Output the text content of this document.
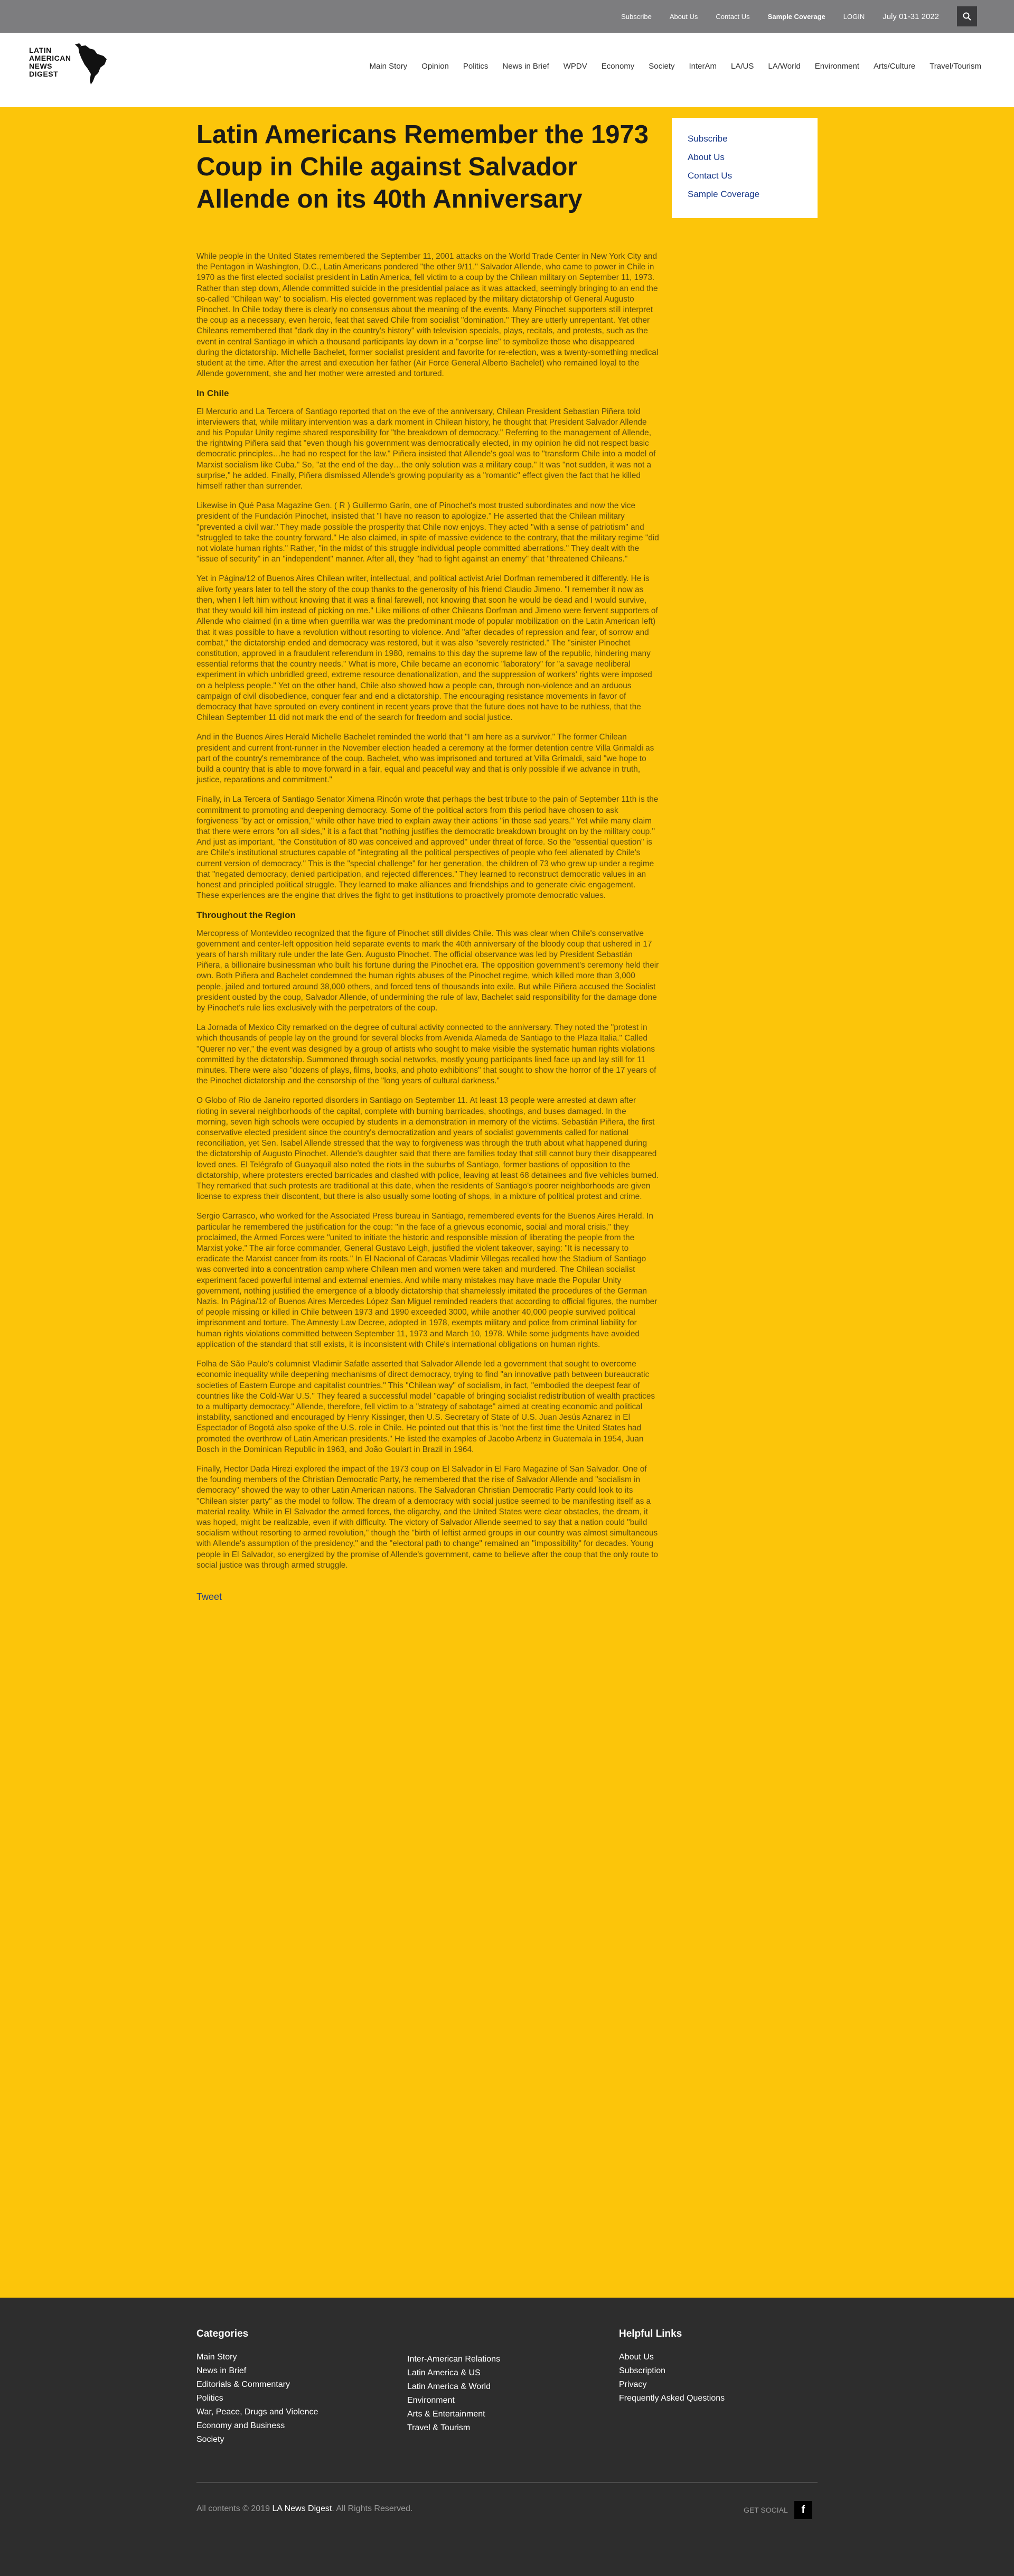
Subscribe	About Us	Contact Us	Sample Coverage	LOGIN July 01-31 2022
LATIN
AMERICAN
NEWS
DIGEST
Main Story Opinion Politics News in Brief WPDV Economy Society InterAm LA/US LA/World Environment Arts/Culture Travel/Tourism
Latin Americans Remember the 1973 Coup in Chile against Salvador Allende on its 40th Anniversary

While people in the United States remembered the September 11, 2001 attacks on the World Trade Center in New York City and the Pentagon in Washington, D.C., Latin Americans pondered "the other 9/11." Salvador Allende, who came to power in Chile in 1970 as the first elected socialist president in Latin America, fell victim to a coup by the Chilean military on September 11, 1973. Rather than step down, Allende committed suicide in the presidential palace as it was attacked, seemingly bringing to an end the so-called "Chilean way" to socialism. His elected government was replaced by the military dictatorship of General Augusto Pinochet. In Chile today there is clearly no consensus about the meaning of the events. Many Pinochet supporters still interpret the coup as a necessary, even heroic, feat that saved Chile from socialist "domination." They are utterly unrepentant. Yet other Chileans remembered that "dark day in the country's history" with television specials, plays, recitals, and protests, such as the event in central Santiago in which a thousand participants lay down in a "corpse line" to symbolize those who disappeared during the dictatorship. Michelle Bachelet, former socialist president and favorite for re-election, was a twenty-something medical student at the time. After the arrest and execution her father (Air Force General Alberto Bachelet) who remained loyal to the Allende government, she and her mother were arrested and tortured.

In Chile

El Mercurio and La Tercera of Santiago reported that on the eve of the anniversary, Chilean President Sebastian Piñera told interviewers that, while military intervention was a dark moment in Chilean history, he thought that President Salvador Allende and his Popular Unity regime shared responsibility for "the breakdown of democracy." Referring to the management of Allende, the rightwing Piñera said that "even though his government was democratically elected, in my opinion he did not respect basic democratic principles…he had no respect for the law." Piñera insisted that Allende's goal was to "transform Chile into a model of Marxist socialism like Cuba." So, "at the end of the day…the only solution was a military coup." It was "not sudden, it was not a surprise," he added. Finally, Piñera dismissed Allende's growing popularity as a "romantic" effect given the fact that he killed himself rather than surrender.

Likewise in Qué Pasa Magazine Gen. ( R ) Guillermo Garín, one of Pinochet's most trusted subordinates and now the vice president of the Fundación Pinochet, insisted that "I have no reason to apologize." He asserted that the Chilean military "prevented a civil war." They made possible the prosperity that Chile now enjoys. They acted "with a sense of patriotism" and "struggled to take the country forward." He also claimed, in spite of massive evidence to the contrary, that the military regime "did not violate human rights." Rather, "in the midst of this struggle individual people committed aberrations." They dealt with the "issue of security" in an "independent" manner. After all, they "had to fight against an enemy" that "threatened Chileans."

Yet in Página/12 of Buenos Aires Chilean writer, intellectual, and political activist Ariel Dorfman remembered it differently. He is alive forty years later to tell the story of the coup thanks to the generosity of his friend Claudio Jimeno. "I remember it now as then, when I left him without knowing that it was a final farewell, not knowing that soon he would be dead and I would survive, that they would kill him instead of picking on me." Like millions of other Chileans Dorfman and Jimeno were fervent supporters of Allende who claimed (in a time when guerrilla war was the predominant mode of popular mobilization on the Latin American left) that it was possible to have a revolution without resorting to violence. And "after decades of repression and fear, of sorrow and combat," the dictatorship ended and democracy was restored, but it was also "severely restricted." The "sinister Pinochet constitution, approved in a fraudulent referendum in 1980, remains to this day the supreme law of the republic, hindering many essential reforms that the country needs." What is more, Chile became an economic "laboratory" for "a savage neoliberal experiment in which unbridled greed, extreme resource denationalization, and the suppression of workers' rights were imposed on a helpless people." Yet on the other hand, Chile also showed how a people can, through non-violence and an arduous campaign of civil disobedience, conquer fear and end a dictatorship. The encouraging resistance movements in favor of democracy that have sprouted on every continent in recent years prove that the future does not have to be ruthless, that the Chilean September 11 did not mark the end of the search for freedom and social justice.

And in the Buenos Aires Herald Michelle Bachelet reminded the world that "I am here as a survivor." The former Chilean president and current front-runner in the November election headed a ceremony at the former detention centre Villa Grimaldi as part of the country's remembrance of the coup. Bachelet, who was imprisoned and tortured at Villa Grimaldi, said "we hope to build a country that is able to move forward in a fair, equal and peaceful way and that is only possible if we advance in truth, justice, reparations and commitment."

Finally, in La Tercera of Santiago Senator Ximena Rincón wrote that perhaps the best tribute to the pain of September 11th is the commitment to promoting and deepening democracy. Some of the political actors from this period have chosen to ask forgiveness "by act or omission," while other have tried to explain away their actions "in those sad years." Yet while many claim that there were errors "on all sides," it is a fact that "nothing justifies the democratic breakdown brought on by the military coup." And just as important, "the Constitution of 80 was conceived and approved" under threat of force. So the "essential question" is are Chile's institutional structures capable of "integrating all the political perspectives of people who feel alienated by Chile's current version of democracy." This is the "special challenge" for her generation, the children of 73 who grew up under a regime that "negated democracy, denied participation, and rejected differences." They learned to reconstruct democratic values in an honest and principled political struggle. They learned to make alliances and friendships and to generate civic engagement. These experiences are the engine that drives the fight to get institutions to proactively promote democratic values.

Throughout the Region

Mercopress of Montevideo recognized that the figure of Pinochet still divides Chile. This was clear when Chile's conservative government and center-left opposition held separate events to mark the 40th anniversary of the bloody coup that ushered in 17 years of harsh military rule under the late Gen. Augusto Pinochet. The official observance was led by President Sebastián Piñera, a billionaire businessman who built his fortune during the Pinochet era. The opposition government's ceremony held their own. Both Piñera and Bachelet condemned the human rights abuses of the Pinochet regime, which killed more than 3,000 people, jailed and tortured around 38,000 others, and forced tens of thousands into exile. But while Piñera accused the Socialist president ousted by the coup, Salvador Allende, of undermining the rule of law, Bachelet said responsibility for the damage done by Pinochet's rule lies exclusively with the perpetrators of the coup.

La Jornada of Mexico City remarked on the degree of cultural activity connected to the anniversary. They noted the "protest in which thousands of people lay on the ground for several blocks from Avenida Alameda de Santiago to the Plaza Italia." Called "Querer no ver," the event was designed by a group of artists who sought to make visible the systematic human rights violations committed by the dictatorship. Summoned through social networks, mostly young participants lined face up and lay still for 11 minutes. There were also "dozens of plays, films, books, and photo exhibitions" that sought to show the horror of the 17 years of the Pinochet dictatorship and the censorship of the "long years of cultural darkness."

O Globo of Rio de Janeiro reported disorders in Santiago on September 11. At least 13 people were arrested at dawn after rioting in several neighborhoods of the capital, complete with burning barricades, shootings, and buses damaged. In the morning, seven high schools were occupied by students in a demonstration in memory of the victims. Sebastián Piñera, the first conservative elected president since the country's democratization and years of socialist governments called for national reconciliation, yet Sen. Isabel Allende stressed that the way to forgiveness was through the truth about what happened during the dictatorship of Augusto Pinochet. Allende's daughter said that there are families today that still cannot bury their disappeared loved ones. El Telégrafo of Guayaquil also noted the riots in the suburbs of Santiago, former bastions of opposition to the dictatorship, where protesters erected barricades and clashed with police, leaving at least 68 detainees and five vehicles burned. They remarked that such protests are traditional at this date, when the residents of Santiago's poorer neighborhoods are given license to express their discontent, but there is also usually some looting of shops, in a mixture of political protest and crime.

Sergio Carrasco, who worked for the Associated Press bureau in Santiago, remembered events for the Buenos Aires Herald. In particular he remembered the justification for the coup: "in the face of a grievous economic, social and moral crisis," they proclaimed, the Armed Forces were "united to initiate the historic and responsible mission of liberating the people from the Marxist yoke." The air force commander, General Gustavo Leigh, justified the violent takeover, saying: "It is necessary to eradicate the Marxist cancer from its roots." In El Nacional of Caracas Vladimir Villegas recalled how the Stadium of Santiago was converted into a concentration camp where Chilean men and women were taken and murdered. The Chilean socialist experiment faced powerful internal and external enemies. And while many mistakes may have made the Popular Unity government, nothing justified the emergence of a bloody dictatorship that shamelessly imitated the procedures of the German Nazis. In Página/12 of Buenos Aires Mercedes López San Miguel reminded readers that according to official figures, the number of people missing or killed in Chile between 1973 and 1990 exceeded 3000, while another 40,000 people survived political imprisonment and torture. The Amnesty Law Decree, adopted in 1978, exempts military and police from criminal liability for human rights violations committed between September 11, 1973 and March 10, 1978. While some judgments have avoided application of the standard that still exists, it is inconsistent with Chile's international obligations on human rights.

Folha de São Paulo's columnist Vladimir Safatle asserted that Salvador Allende led a government that sought to overcome economic inequality while deepening mechanisms of direct democracy, trying to find "an innovative path between bureaucratic societies of Eastern Europe and capitalist countries." This "Chilean way" of socialism, in fact, "embodied the deepest fear of countries like the Cold-War U.S." They feared a successful model "capable of bringing socialist redistribution of wealth practices to a multiparty democracy." Allende, therefore, fell victim to a "strategy of sabotage" aimed at creating economic and political instability, sanctioned and encouraged by Henry Kissinger, then U.S. Secretary of State of U.S. Juan Jesús Aznarez in El Espectador of Bogotá also spoke of the U.S. role in Chile. He pointed out that this is "not the first time the United States had promoted the overthrow of Latin American presidents." He listed the examples of Jacobo Arbenz in Guatemala in 1954, Juan Bosch in the Dominican Republic in 1963, and João Goulart in Brazil in 1964.

Finally, Hector Dada Hirezi explored the impact of the 1973 coup on El Salvador in El Faro Magazine of San Salvador. One of the founding members of the Christian Democratic Party, he remembered that the rise of Salvador Allende and "socialism in democracy" showed the way to other Latin American nations. The Salvadoran Christian Democratic Party could look to its "Chilean sister party" as the model to follow. The dream of a democracy with social justice seemed to be manifesting itself as a material reality. While in El Salvador the armed forces, the oligarchy, and the United States were clear obstacles, the dream, it was hoped, might be realizable, even if with difficulty. The victory of Salvador Allende seemed to say that a nation could "build socialism without resorting to armed revolution," though the "birth of leftist armed groups in our country was almost simultaneous with Allende's assumption of the presidency," and the "electoral path to change" remained an "impossibility" for decades. Young people in El Salvador, so energized by the promise of Allende's government, came to believe after the coup that the only route to social justice was through armed struggle.

Tweet
Subscribe
About Us
Contact Us
Sample Coverage
Categories
Main Story
News in Brief
Editorials & Commentary
Politics
War, Peace, Drugs and Violence
Economy and Business
Society
Inter-American Relations
Latin America & US
Latin America & World
Environment
Arts & Entertainment
Travel & Tourism
Helpful Links
About Us
Subscription
Privacy
Frequently Asked Questions
All contents © 2019 LA News Digest. All Rights Reserved.	GET SOCIAL	f
